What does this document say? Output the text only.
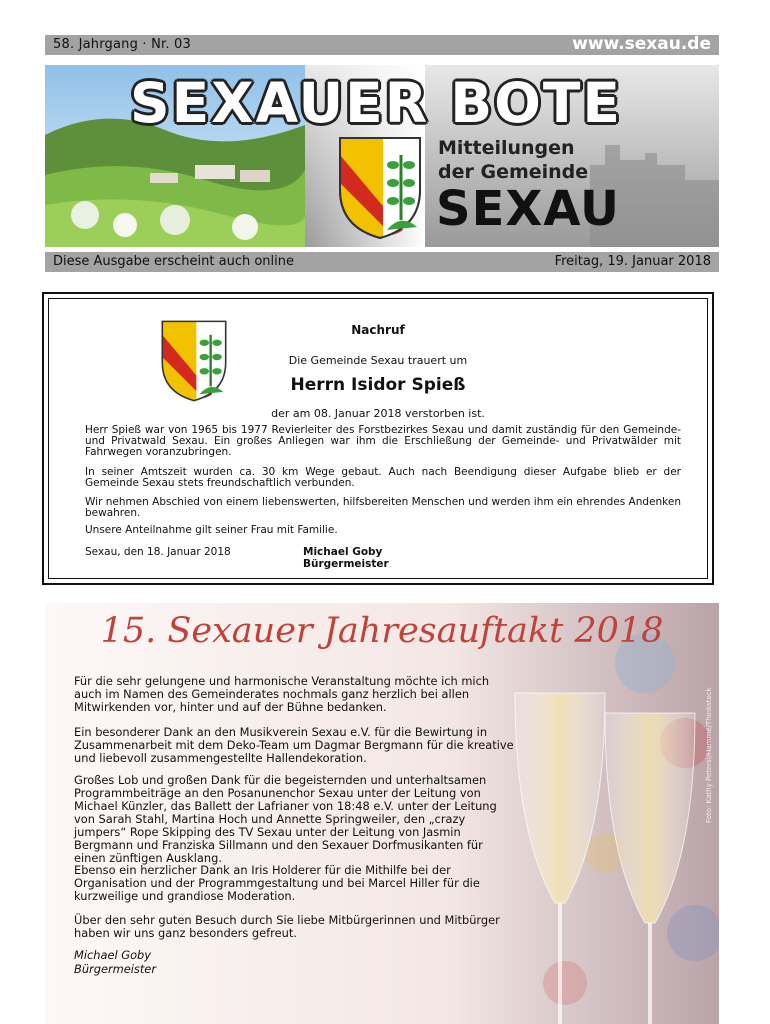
58. Jahrgang · Nr. 03	www.sexau.de
SEXAUER BOTE
Mitteilungen
der Gemeinde
SEXAU
Diese Ausgabe erscheint auch online	Freitag, 19. Januar 2018
Nachruf
Die Gemeinde Sexau trauert um
Herrn Isidor Spieß
der am 08. Januar 2018 verstorben ist.
Herr Spieß war von 1965 bis 1977 Revierleiter des Forstbezirkes Sexau und damit zuständig für den Gemeinde- und Privatwald Sexau. Ein großes Anliegen war ihm die Erschließung der Gemeinde- und Privatwälder mit Fahrwegen voranzubringen.
In seiner Amtszeit wurden ca. 30 km Wege gebaut. Auch nach Beendigung dieser Aufgabe blieb er der Gemeinde Sexau stets freundschaftlich verbunden.
Wir nehmen Abschied von einem liebenswerten, hilfsbereiten Menschen und werden ihm ein ehrendes Andenken bewahren.
Unsere Anteilnahme gilt seiner Frau mit Familie.
Sexau, den 18. Januar 2018	Michael Goby
Bürgermeister
15. Sexauer Jahresauftakt 2018
Für die sehr gelungene und harmonische Veranstaltung möchte ich mich auch im Namen des Gemeinderates nochmals ganz herzlich bei allen Mitwirkenden vor, hinter und auf der Bühne bedanken.
Ein besonderer Dank an den Musikverein Sexau e.V. für die Bewirtung in Zusammenarbeit mit dem Deko-Team um Dagmar Bergmann für die kreative und liebevoll zusammengestellte Hallendekoration.
Großes Lob und großen Dank für die begeisternden und unterhaltsamen Programmbeiträge an den Posanunenchor Sexau unter der Leitung von Michael Künzler, das Ballett der Lafrianer von 18:48 e.V. unter der Leitung von Sarah Stahl, Martina Hoch und Annette Springweiler, den „crazy jumpers“ Rope Skipping des TV Sexau unter der Leitung von Jasmin Bergmann und Franziska Sillmann und den Sexauer Dorfmusikanten für einen zünftigen Ausklang.
Ebenso ein herzlicher Dank an Iris Holderer für die Mithilfe bei der Organisation und der Programmgestaltung und bei Marcel Hiller für die kurzweilige und grandiose Moderation.
Über den sehr guten Besuch durch Sie liebe Mitbürgerinnen und Mitbürger haben wir uns ganz besonders gefreut.
Michael Goby
Bürgermeister
Foto: Kathy Petersi/Hamme/Thinkstock
